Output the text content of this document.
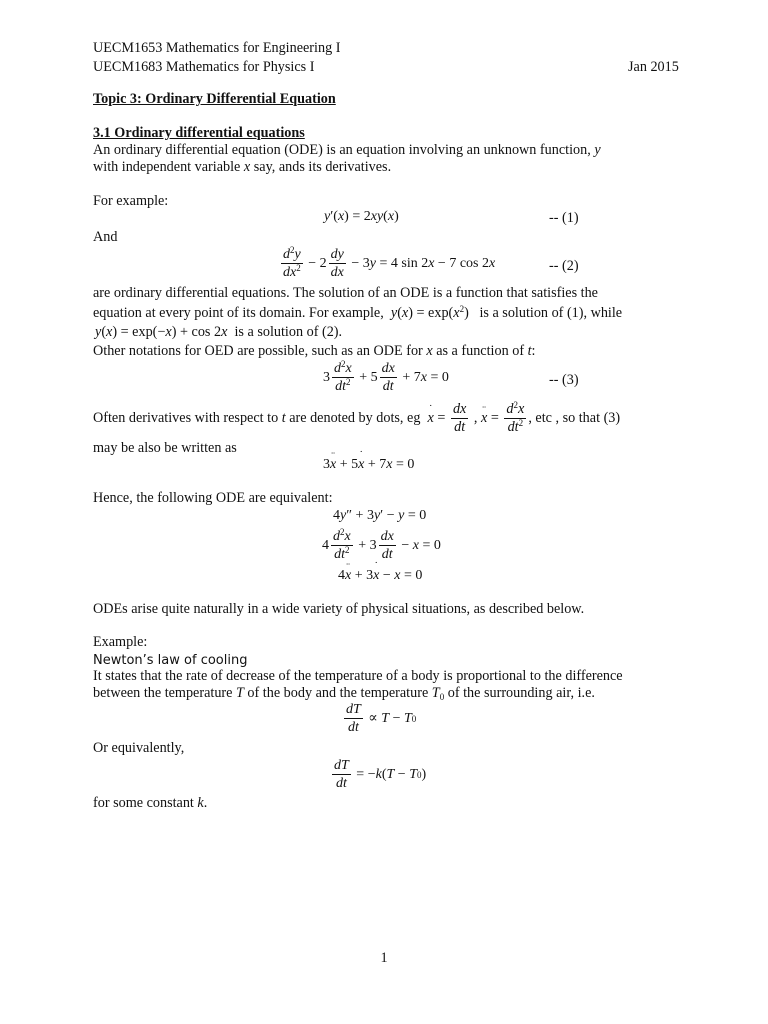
UECM1653 Mathematics for Engineering I
UECM1683 Mathematics for Physics I	Jan 2015
Topic 3: Ordinary Differential Equation
3.1 Ordinary differential equations
An ordinary differential equation (ODE) is an equation involving an unknown function, y
with independent variable x say, ands its derivatives.
For example:
y ′( x ) = 2 xy ( x )	-- (1)
And
$\frac{d^2y}{dx^2} - 2 \frac{dy}{dx} - 3$ y = 4 sin 2 x − 7 cos 2 x	-- (2)
are ordinary differential equations. The solution of an ODE is a function that satisfies the
equation at every point of its domain. For example, $y(x) = \exp(x^2)$   is a solution of (1), while
y(x) = exp(−x) + cos 2x is a solution of (2).
Other notations for OED are possible, such as an ODE for x as a function of t:
$3 \frac{d^2x}{dt^2} + 5 \frac{dx}{dt} + 7$ x = 0	-- (3)
Often derivatives with respect to
t
are denoted by dots, eg
˙ $x = \frac{dx}{dt}$ , ¨ $x = \frac{d^2x}{dt^2}$ , etc , so that (3)
may be also be written as
3 ¨ x + 5 ˙ x + 7 x = 0
Hence, the following ODE are equivalent:
4 y ″ + 3 y ′ − y = 0
$4 \frac{d^2x}{dt^2} + 3 \frac{dx}{dt} - x = 0$
4 ¨ x + 3 ˙ x − x = 0
ODEs arise quite naturally in a wide variety of physical situations, as described below.
Example:
Newton’s law of cooling
It states that the rate of decrease of the temperature of a body is proportional to the difference
between the temperature T of the body and the temperature $T_0$ of the surrounding air, i.e.
$\frac{dT}{dt} \propto T - T$ 0
Or equivalently,
$\frac{dT}{dt}$ = − k ( T − T 0 )
for some constant k.
1
